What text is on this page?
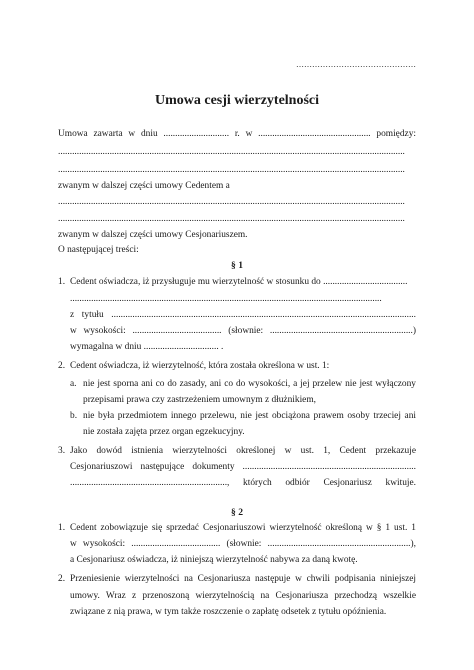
………………………………………
Umowa cesji wierzytelności
Umowa zawarta w dniu ............................ r. w ................................................ pomiędzy:
....................................................................................................................................................
....................................................................................................................................................
zwanym w dalszej części umowy Cedentem a
....................................................................................................................................................
....................................................................................................................................................
zwanym w dalszej części umowy Cesjonariuszem.
O następującej treści:
§ 1
1. Cedent oświadcza, iż przysługuje mu wierzytelność w stosunku do ....................................
.....................................................................................................................................
z tytułu ..................................................................................................................................
w wysokości: ...................................... (słownie: .............................................................)
wymagalna w dniu ................................ .
2. Cedent oświadcza, iż wierzytelność, która została określona w ust. 1:
a. nie jest sporna ani co do zasady, ani co do wysokości, a jej przelew nie jest wyłączony
przepisami prawa czy zastrzeżeniem umownym z dłużnikiem,
b. nie była przedmiotem innego przelewu, nie jest obciążona prawem osoby trzeciej ani
nie została zajęta przez organ egzekucyjny.
3. Jako dowód istnienia wierzytelności określonej w ust. 1, Cedent przekazuje
Cesjonariuszowi następujące dokumenty ..........................................................................
..................................................................., których odbiór Cesjonariusz kwituje.
§ 2
1. Cedent zobowiązuje się sprzedać Cesjonariuszowi wierzytelność określoną w § 1 ust. 1
w wysokości: ...................................... (słownie: .............................................................),
a Cesjonariusz oświadcza, iż niniejszą wierzytelność nabywa za daną kwotę.
2. Przeniesienie wierzytelności na Cesjonariusza następuje w chwili podpisania niniejszej
umowy. Wraz z przenoszoną wierzytelnością na Cesjonariusza przechodzą wszelkie
związane z nią prawa, w tym także roszczenie o zapłatę odsetek z tytułu opóźnienia.
